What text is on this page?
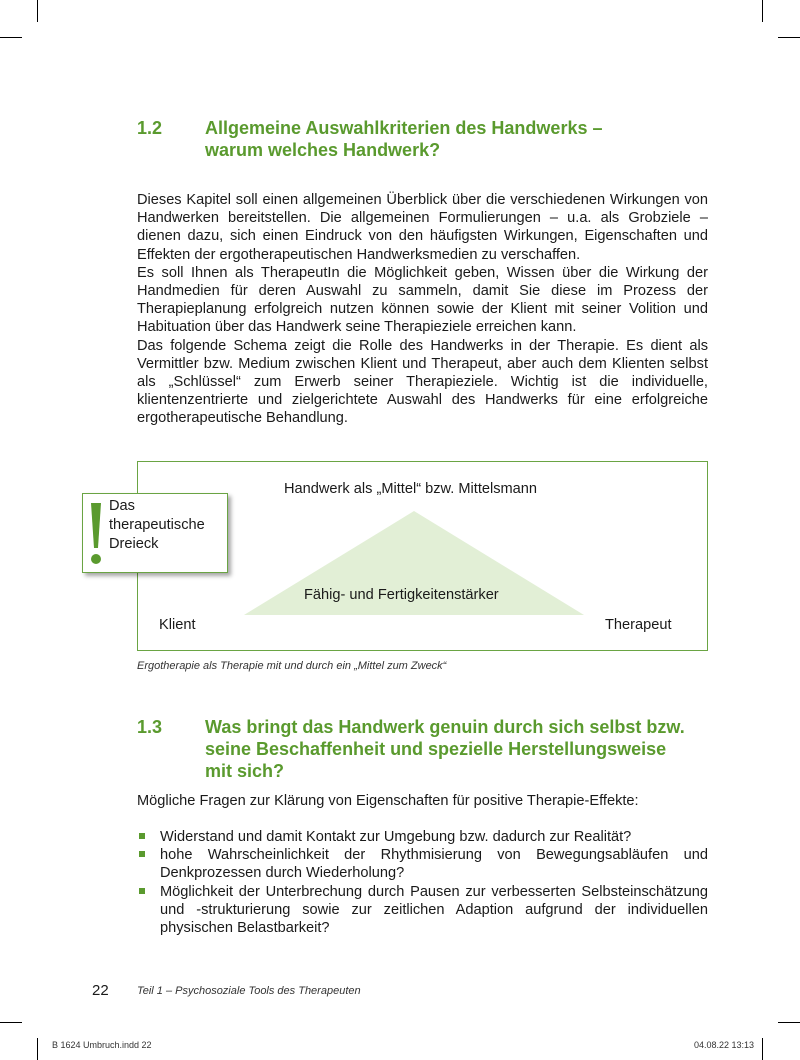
1.2 Allgemeine Auswahlkriterien des Handwerks –
warum welches Handwerk?

Dieses Kapitel soll einen allgemeinen Überblick über die verschiedenen Wirkungen von Handwerken bereitstellen. Die allgemeinen Formulierungen – u.a. als Grobziele – dienen dazu, sich einen Eindruck von den häufigsten Wirkungen, Eigenschaften und Effekten der ergotherapeutischen Handwerksmedien zu verschaffen.

Es soll Ihnen als TherapeutIn die Möglichkeit geben, Wissen über die Wirkung der Handmedien für deren Auswahl zu sammeln, damit Sie diese im Prozess der Therapieplanung erfolgreich nutzen können sowie der Klient mit seiner Volition und Habituation über das Handwerk seine Therapieziele erreichen kann.

Das folgende Schema zeigt die Rolle des Handwerks in der Therapie. Es dient als Vermittler bzw. Medium zwischen Klient und Therapeut, aber auch dem Klienten selbst als „Schlüssel“ zum Erwerb seiner Therapieziele. Wichtig ist die individuelle, klientenzentrierte und zielgerichtete Auswahl des Handwerks für eine erfolgreiche ergotherapeutische Behandlung.

Handwerk als „Mittel“ bzw. Mittelsmann
Fähig- und Fertigkeitenstärker
Klient	Therapeut
Das
therapeutische
Dreieck
Ergotherapie als Therapie mit und durch ein „Mittel zum Zweck“
1.3 Was bringt das Handwerk genuin durch sich selbst bzw.
seine Beschaffenheit und spezielle Herstellungsweise
mit sich?
Mögliche Fragen zur Klärung von Eigenschaften für positive Therapie-Effekte:
Widerstand und damit Kontakt zur Umgebung bzw. dadurch zur Realität?
hohe Wahrscheinlichkeit der Rhythmisierung von Bewegungsabläufen und Denkprozessen durch Wiederholung?
Möglichkeit der Unterbrechung durch Pausen zur verbesserten Selbsteinschätzung und -strukturierung sowie zur zeitlichen Adaption aufgrund der individuellen physischen Belastbarkeit?
22	Teil 1 – Psychosoziale Tools des Therapeuten
B 1624 Umbruch.indd 22	04.08.22 13:13
